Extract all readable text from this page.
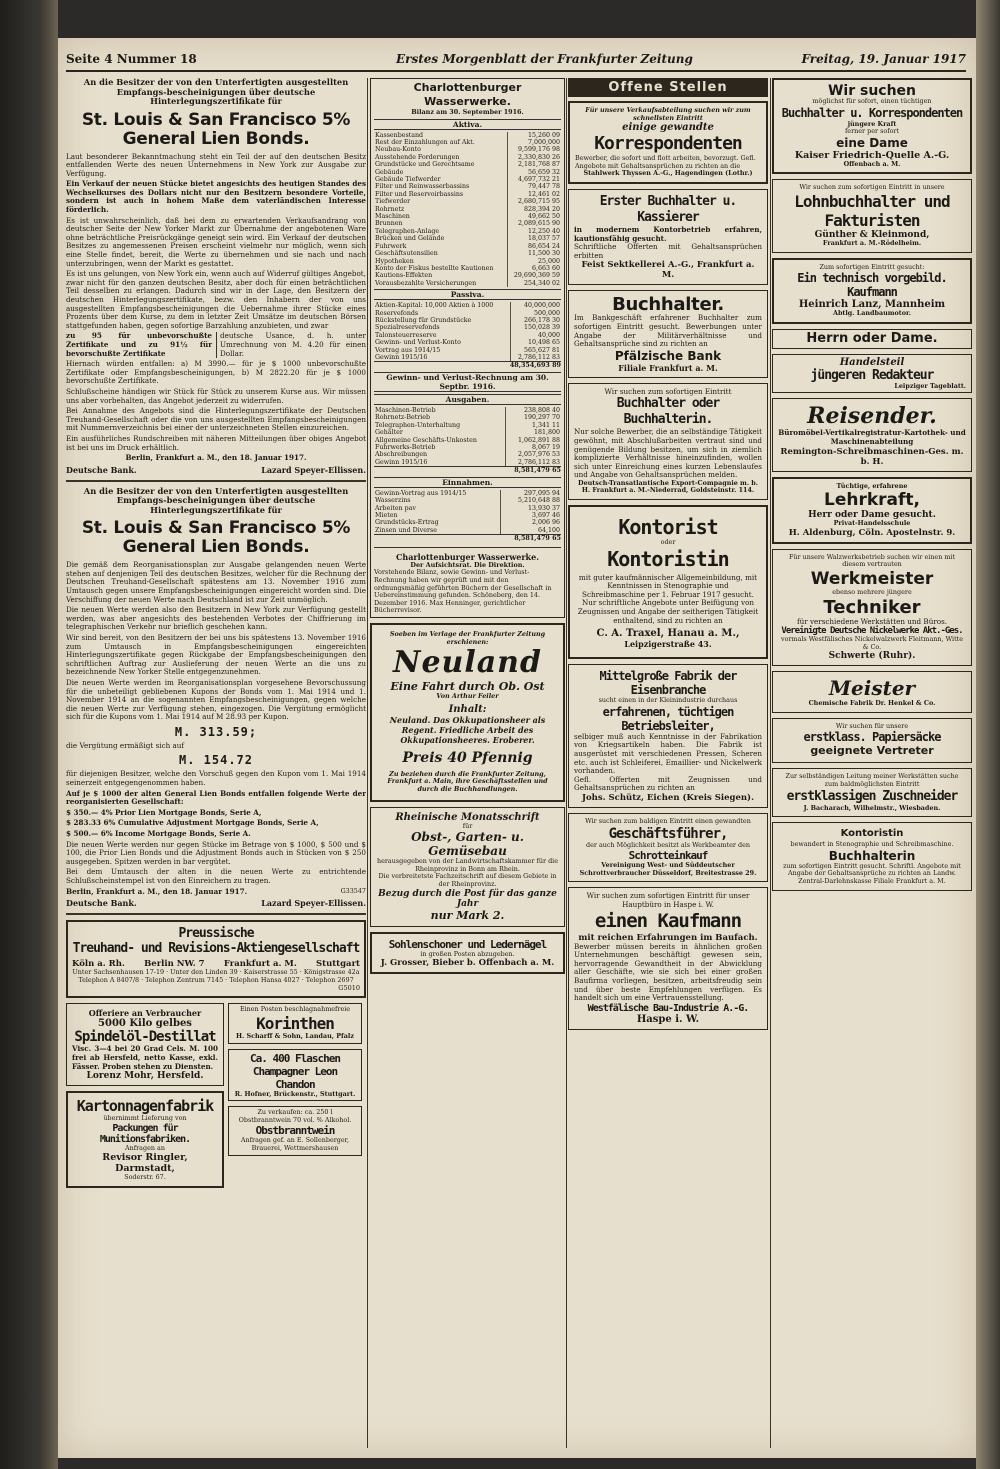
Seite 4 Nummer 18	Erstes Morgenblatt der Frankfurter Zeitung	Freitag, 19. Januar 1917
An die Besitzer der von den Unterfertigten ausgestellten Empfangs-bescheinigungen über deutsche Hinterlegungszertifikate für
St. Louis & San Francisco 5% General Lien Bonds.

Laut besonderer Bekanntmachung steht ein Teil der auf den deutschen Besitz entfallenden Werte des neuen Unternehmens in New York zur Ausgabe zur Verfügung.

Ein Verkauf der neuen Stücke bietet angesichts des heutigen Standes des Wechselkurses des Dollars nicht nur den Besitzern besondere Vorteile, sondern ist auch in hohem Maße dem vaterländischen Interesse förderlich.

Es ist unwahrscheinlich, daß bei dem zu erwartenden Verkaufsandrang von deutscher Seite der New Yorker Markt zur Übernahme der angebotenen Ware ohne beträchtliche Preisrückgänge geneigt sein wird. Ein Verkauf der deutschen Besitzes zu angemessenen Preisen erscheint vielmehr nur möglich, wenn sich eine Stelle findet, bereit, die Werte zu übernehmen und sie nach und nach unterzubringen, wenn der Markt es gestattet.

Es ist uns gelungen, von New York ein, wenn auch auf Widerruf gültiges Angebot, zwar nicht für den ganzen deutschen Besitz, aber doch für einen beträchtlichen Teil desselben zu erlangen. Dadurch sind wir in der Lage, den Besitzern der deutschen Hinterlegungszertifikate, bezw. den Inhabern der von uns ausgestellten Empfangsbescheinigungen die Uebernahme ihrer Stücke eines Prozents über dem Kurse, zu dem in letzter Zeit Umsätze im deutschen Börsen stattgefunden haben, gegen sofortige Barzahlung anzubieten, und zwar

zu 95 für unbevorschußte Zertifikate und zu 91½ für bevorschußte Zertifikate
deutsche Usance, d. h. unter Umrechnung von M. 4.20 für einen Dollar.

Hiernach würden entfallen: a) M 3990.— für je $ 1000 unbevorschußte Zertifikate oder Empfangsbescheinigungen, b) M 2822.20 für je $ 1000 bevorschußte Zertifikate.

Schlußscheine händigen wir Stück für Stück zu unserem Kurse aus. Wir müssen uns aber vorbehalten, das Angebot jederzeit zu widerrufen.

Bei Annahme des Angebots sind die Hinterlegungszertifikate der Deutschen Treuhand-Gesellschaft oder die von uns ausgestellten Empfangsbescheinigungen mit Nummernverzeichnis bei einer der unterzeichneten Stellen einzureichen.

Ein ausführliches Rundschreiben mit näheren Mitteilungen über obiges Angebot ist bei uns im Druck erhältlich.

Berlin, Frankfurt a. M., den 18. Januar 1917.

Deutsche Bank.	Lazard Speyer-Ellissen.
An die Besitzer der von den Unterfertigten ausgestellten Empfangs-bescheinigungen über deutsche Hinterlegungszertifikate für
St. Louis & San Francisco 5% General Lien Bonds.

Die gemäß dem Reorganisationsplan zur Ausgabe gelangenden neuen Werte stehen auf denjenigen Teil des deutschen Besitzes, welcher für die Rechnung der Deutschen Treuhand-Gesellschaft spätestens am 13. November 1916 zum Umtausch gegen unsere Empfangsbescheinigungen eingereicht worden sind. Die Verschiffung der neuen Werte nach Deutschland ist zur Zeit unmöglich.

Die neuen Werte werden also den Besitzern in New York zur Verfügung gestellt werden, was aber angesichts des bestehenden Verbotes der Chiffrierung im telegraphischen Verkehr nur brieflich geschehen kann.

Wir sind bereit, von den Besitzern der bei uns bis spätestens 13. November 1916 zum Umtausch in Empfangsbescheinigungen eingereichten Hinterlegungszertifikate gegen Rückgabe der Empfangsbescheinigungen den schriftlichen Auftrag zur Auslieferung der neuen Werte an die uns zu bezeichnende New Yorker Stelle entgegenzunehmen.

Die neuen Werte werden im Reorganisationsplan vorgesehene Bevorschussung für die unbeteiligt gebliebenen Kupons der Bonds vom 1. Mai 1914 und 1. November 1914 an die sogenannten Empfangsbescheinigungen, gegen welche die neuen Werte zur Verfügung stehen, eingezogen. Die Vergütung ermöglicht sich für die Kupons vom 1. Mai 1914 auf M 28.93 per Kupon.

M. 313.59;

die Vergütung ermäßigt sich auf

M. 154.72

für diejenigen Besitzer, welche den Vorschuß gegen den Kupon vom 1. Mai 1914 seinerzeit entgegengenommen haben.

Auf je $ 1000 der alten General Lien Bonds entfallen folgende Werte der reorganisierten Gesellschaft:

$ 350.— 4% Prior Lien Mortgage Bonds, Serie A,

$ 283.33 6% Cumulative Adjustment Mortgage Bonds, Serie A,

$ 500.— 6% Income Mortgage Bonds, Serie A.

Die neuen Werte werden nur gegen Stücke im Betrage von $ 1000, $ 500 und $ 100, die Prior Lien Bonds und die Adjustment Bonds auch in Stücken von $ 250 ausgegeben. Spitzen werden in bar vergütet.

Bei dem Umtausch der alten in die neuen Werte zu entrichtende Schlußscheinstempel ist von den Einreichern zu tragen.

Berlin, Frankfurt a. M., den 18. Januar 1917.	G33547
Deutsche Bank.	Lazard Speyer-Ellissen.
Preussische
Treuhand- und Revisions-Aktiengesellschaft
Köln a. Rh. Berlin NW. 7 Frankfurt a. M. Stuttgart
Unter Sachsenhausen 17-19 · Unter den Linden 39 · Kaiserstrasse 55 · Königstrasse 42a
Telephon A 8407/8 · Telephon Zentrum 7145 · Telephon Hansa 4027 · Telephon 2697
G5010
Offeriere an Verbraucher
5000 Kilo gelbes
Spindelöl-Destillat
Visc. 3—4 bei 20 Grad Cels. M. 100 frei ab Hersfeld, netto Kasse, exkl. Fässer. Proben stehen zu Diensten.
Lorenz Mohr, Hersfeld.
Kartonnagenfabrik
übernimmt Lieferung von
Packungen für Munitionsfabriken.
Anfragen an
Revisor Ringler, Darmstadt,
Soderstr. 67.
Einen Posten beschlagnahmefreie
Korinthen
H. Scharff & Sohn, Landau, Pfalz
Ca. 400 Flaschen Champagner Leon Chandon
R. Hofner, Brückenstr., Stuttgart.
Zu verkaufen: ca. 250 l Obstbranntwein 70 vol. % Alkohol.
Obstbranntwein
Anfragen gef. an E. Sollenberger, Brauerei, Wettmershausen
Charlottenburger Wasserwerke.
Bilanz am 30. September 1916.
Aktiva.
Kassenbestand	15,260 09
Rest der Einzahlungen auf Akt.	7,000,000
Neubau-Konto	9,599,176 98
Ausstehende Forderungen	2,330,830 26
Grundstücke und Gerechtsame	2,181,768 87
Gebäude	56,659 32
Gebäude Tiefwerder	4,697,732 21
Filter und Reinwasserbassins	79,447 78
Filter und Reservoirbassins	12,461 02
Tiefwerder	2,680,715 95
Rohrnetz	828,394 20
Maschinen	49,662 50
Brunnen	2,089,615 90
Telegraphen-Anlage	12,250 40
Brücken und Gelände	18,037 57
Fuhrwerk	86,654 24
Geschäftsutensilien	11,500 30
Hypotheken	25,000
Konto der Fiskus bestellte Kautionen	6,663 60
Kautions-Effekten	29,690,369 59
Vorausbezahlte Versicherungen	254,340 02
Passiva.
Aktien-Kapital: 10,000 Aktien à 1000	40,000,000
Reservefonds	500,000
Rückstellung für Grundstücke	266,178 30
Spezialreservefonds	150,028 39
Talonsteuerreserve	40,000
Gewinn- und Verlust-Konto	10,498 65
Vortrag aus 1914/15	565,627 81
Gewinn 1915/16	2,786,112 83
48,354,693 89
Gewinn- und Verlust-Rechnung am 30. Septbr. 1916.
Ausgaben.
Maschinen-Betrieb	238,808 40
Rohrnetz-Betrieb	190,297 70
Telegraphen-Unterhaltung	1,341 11
Gehälter	181,800
Allgemeine Geschäfts-Unkosten	1,062,891 88
Fuhrwerks-Betrieb	8,067 19
Abschreibungen	2,057,976 53
Gewinn 1915/16	2,786,112 83
8,581,479 65
Einnahmen.
Gewinn-Vortrag aus 1914/15	297,095 94
Wasserzins	5,210,648 88
Arbeiten pav	13,930 37
Mieten	3,697 46
Grundstücks-Ertrag	2,006 96
Zinsen und Diverse	64,100
8,581,479 65
Charlottenburger Wasserwerke.
Der Aufsichtsrat. Die Direktion.
Vorstehende Bilanz, sowie Gewinn- und Verlust-Rechnung haben wir geprüft und mit den ordnungsmäßig geführten Büchern der Gesellschaft in Uebereinstimmung gefunden. Schöneberg, den 14. Dezember 1916. Max Henninger, gerichtlicher Bücherrevisor.
Soeben im Verlage der Frankfurter Zeitung erschienen:
Neuland
Eine Fahrt durch Ob. Ost
Von Arthur Feiler
Inhalt:
Neuland. Das Okkupationsheer als Regent. Friedliche Arbeit des Okkupationsheeres. Eroberer.
Preis 40 Pfennig
Zu beziehen durch die Frankfurter Zeitung, Frankfurt a. Main, ihre Geschäftsstellen und durch die Buchhandlungen.
Rheinische Monatsschrift
für
Obst-, Garten- u. Gemüsebau
herausgegeben von der Landwirtschaftskammer für die Rheinprovinz in Bonn am Rhein.
Die verbreitetste Fachzeitschrift auf diesem Gebiete in der Rheinprovinz.
Bezug durch die Post für das ganze Jahr
nur Mark 2.
Sohlenschoner und Ledernägel
in großen Posten abzugeben.
J. Grosser, Bieber b. Offenbach a. M.
Offene Stellen
Für unsere Verkaufsabteilung suchen wir zum schnellsten Eintritt
einige gewandte
Korrespondenten
Bewerber, die sofort und flott arbeiten, bevorzugt. Gefl. Angebote mit Gehaltsansprüchen zu richten an die
Stahlwerk Thyssen A.-G., Hagendingen (Lothr.)
Erster Buchhalter u. Kassierer
in modernem Kontorbetrieb erfahren, kautionsfähig gesucht.
Schriftliche Offerten mit Gehaltsansprüchen erbitten
Feist Sektkellerei A.-G., Frankfurt a. M.
Buchhalter.
Im Bankgeschäft erfahrener Buchhalter zum sofortigen Eintritt gesucht. Bewerbungen unter Angabe der Militärverhältnisse und Gehaltsansprüche sind zu richten an
Pfälzische Bank
Filiale Frankfurt a. M.
Wir suchen zum sofortigen Eintritt
Buchhalter oder Buchhalterin.
Nur solche Bewerber, die an selbständige Tätigkeit gewöhnt, mit Abschlußarbeiten vertraut sind und genügende Bildung besitzen, um sich in ziemlich komplizierte Verhältnisse hineinzufinden, wollen sich unter Einreichung eines kurzen Lebenslaufes und Angabe von Gehaltsansprüchen melden.
Deutsch-Transatlantische Export-Compagnie m. b. H. Frankfurt a. M.-Niederrad, Goldsteinstr. 114.
Kontorist
oder
Kontoristin
mit guter kaufmännischer Allgemeinbildung, mit Kenntnissen in Stenographie und Schreibmaschine per 1. Februar 1917 gesucht. Nur schriftliche Angebote unter Beifügung von Zeugnissen und Angabe der seitherigen Tätigkeit enthaltend, sind zu richten an
C. A. Traxel, Hanau a. M.,
Leipzigerstraße 43.
Mittelgroße Fabrik der Eisenbranche
sucht einen in der Kleinindustrie durchaus
erfahrenen, tüchtigen Betriebsleiter,
selbiger muß auch Kenntnisse in der Fabrikation von Kriegsartikeln haben. Die Fabrik ist ausgerüstet mit verschiedenen Pressen, Scheren etc. auch ist Schleiferei, Emaillier- und Nickelwerk vorhanden.
Gefl. Offerten mit Zeugnissen und Gehaltsansprüchen zu richten an
Johs. Schütz, Eichen (Kreis Siegen).
Wir suchen zum baldigen Eintritt einen gewandten
Geschäftsführer,
der auch Möglichkeit besitzt als Werkbeamter den
Schrotteinkauf
Vereinigung West- und Süddeutscher Schrottverbraucher Düsseldorf, Breitestrasse 29.
Wir suchen zum sofortigen Eintritt für unser Hauptbüro in Haspe i. W.
einen Kaufmann
mit reichen Erfahrungen im Baufach.
Bewerber müssen bereits in ähnlichen großen Unternehmungen beschäftigt gewesen sein, hervorragende Gewandtheit in der Abwicklung aller Geschäfte, wie sie sich bei einer großen Baufirma vorliegen, besitzen, arbeitsfreudig sein und über beste Empfehlungen verfügen. Es handelt sich um eine Vertrauensstellung.
Westfälische Bau-Industrie A.-G.
Haspe i. W.
Wir suchen
möglichst für sofort, einen tüchtigen
Buchhalter u. Korrespondenten
jüngere Kraft
ferner per sofort
eine Dame
Kaiser Friedrich-Quelle A.-G.
Offenbach a. M.
Wir suchen zum sofortigen Eintritt in unsere
Lohnbuchhalter und Fakturisten
Günther & Kleinmond,
Frankfurt a. M.-Rödelheim.
Zum sofortigen Eintritt gesucht:
Ein technisch vorgebild. Kaufmann
Heinrich Lanz, Mannheim
Abtlg. Landbaumotor.
Herrn oder Dame.
Handelsteil
jüngeren Redakteur
Leipziger Tageblatt.
Reisender.
Büromöbel-Vertikalregistratur-Kartothek- und Maschinenabteilung
Remington-Schreibmaschinen-Ges. m. b. H.
Tüchtige, erfahrene
Lehrkraft,
Herr oder Dame gesucht.
Privat-Handelsschule
H. Aldenburg, Cöln. Apostelnstr. 9.
Für unsere Walzwerksbetrieb suchen wir einen mit diesem vertrauten
Werkmeister
ebenso mehrere jüngere
Techniker
für verschiedene Werkstätten und Büros.
Vereinigte Deutsche Nickelwerke Akt.-Ges.
vormals Westfälisches Nickelwalzwerk Fleitmann, Witte & Co.
Schwerte (Ruhr).
Meister
Chemische Fabrik Dr. Henkel & Co.
Wir suchen für unsere
erstklass. Papiersäcke
geeignete Vertreter
Zur selbständigen Leitung meiner Werkstätten suche zum baldmöglichsten Eintritt
erstklassigen Zuschneider
J. Bacharach, Wilhelmstr., Wiesbaden.
Kontoristin
bewandert in Stenographie und Schreibmaschine.
Buchhalterin
zum sofortigen Eintritt gesucht. Schriftl. Angebote mit Angabe der Gehaltsansprüche zu richten an Landw. Zentral-Darlehnskasse Filiale Frankfurt a. M.
